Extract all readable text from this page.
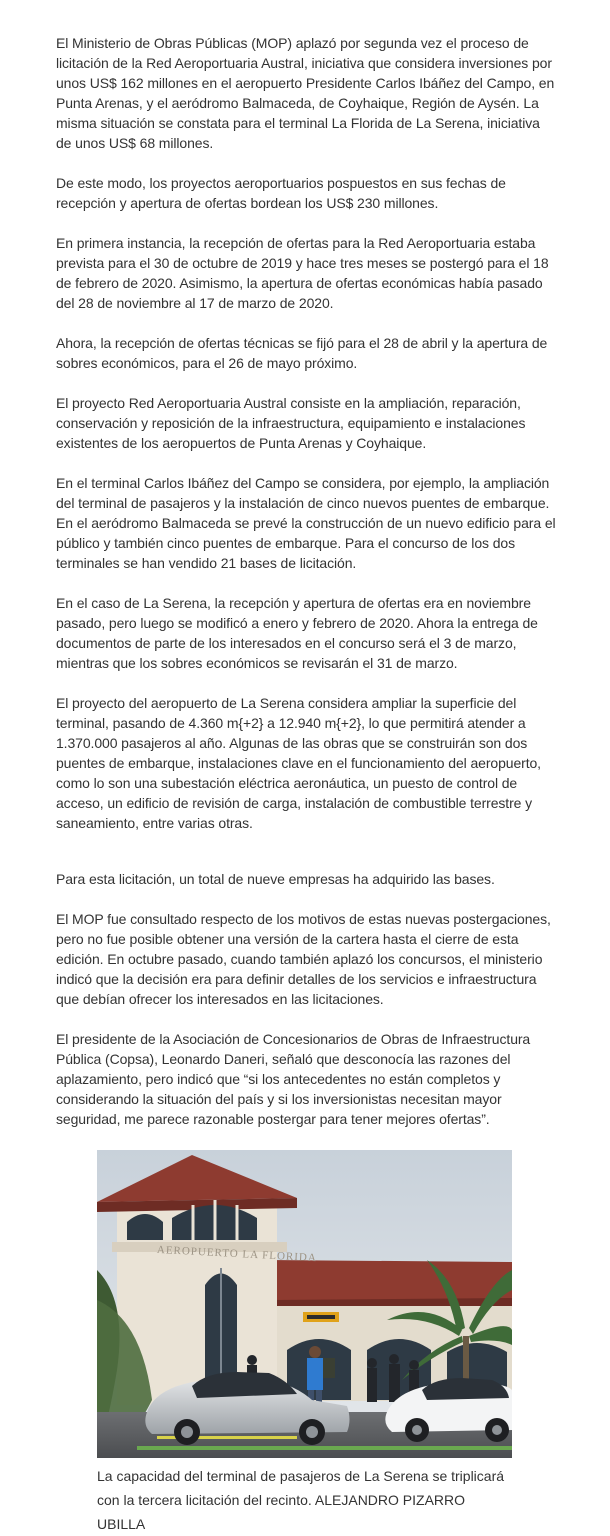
El Ministerio de Obras Públicas (MOP) aplazó por segunda vez el proceso de licitación de la Red Aeroportuaria Austral, iniciativa que considera inversiones por unos US$ 162 millones en el aeropuerto Presidente Carlos Ibáñez del Campo, en Punta Arenas, y el aeródromo Balmaceda, de Coyhaique, Región de Aysén. La misma situación se constata para el terminal La Florida de La Serena, iniciativa de unos US$ 68 millones.

De este modo, los proyectos aeroportuarios pospuestos en sus fechas de recepción y apertura de ofertas bordean los US$ 230 millones.

En primera instancia, la recepción de ofertas para la Red Aeroportuaria estaba prevista para el 30 de octubre de 2019 y hace tres meses se postergó para el 18 de febrero de 2020. Asimismo, la apertura de ofertas económicas había pasado del 28 de noviembre al 17 de marzo de 2020.

Ahora, la recepción de ofertas técnicas se fijó para el 28 de abril y la apertura de sobres económicos, para el 26 de mayo próximo.

El proyecto Red Aeroportuaria Austral consiste en la ampliación, reparación, conservación y reposición de la infraestructura, equipamiento e instalaciones existentes de los aeropuertos de Punta Arenas y Coyhaique.

En el terminal Carlos Ibáñez del Campo se considera, por ejemplo, la ampliación del terminal de pasajeros y la instalación de cinco nuevos puentes de embarque. En el aeródromo Balmaceda se prevé la construcción de un nuevo edificio para el público y también cinco puentes de embarque. Para el concurso de los dos terminales se han vendido 21 bases de licitación.

En el caso de La Serena, la recepción y apertura de ofertas era en noviembre pasado, pero luego se modificó a enero y febrero de 2020. Ahora la entrega de documentos de parte de los interesados en el concurso será el 3 de marzo, mientras que los sobres económicos se revisarán el 31 de marzo.

El proyecto del aeropuerto de La Serena considera ampliar la superficie del terminal, pasando de 4.360 m{+2} a 12.940 m{+2}, lo que permitirá atender a 1.370.000 pasajeros al año. Algunas de las obras que se construirán son dos puentes de embarque, instalaciones clave en el funcionamiento del aeropuerto, como lo son una subestación eléctrica aeronáutica, un puesto de control de acceso, un edificio de revisión de carga, instalación de combustible terrestre y saneamiento, entre varias otras.

Para esta licitación, un total de nueve empresas ha adquirido las bases.

El MOP fue consultado respecto de los motivos de estas nuevas postergaciones, pero no fue posible obtener una versión de la cartera hasta el cierre de esta edición. En octubre pasado, cuando también aplazó los concursos, el ministerio indicó que la decisión era para definir detalles de los servicios e infraestructura que debían ofrecer los interesados en las licitaciones.

El presidente de la Asociación de Concesionarios de Obras de Infraestructura Pública (Copsa), Leonardo Daneri, señaló que desconocía las razones del aplazamiento, pero indicó que “si los antecedentes no están completos y considerando la situación del país y si los inversionistas necesitan mayor seguridad, me parece razonable postergar para tener mejores ofertas”.

AEROPUERTO LA FLORIDA
La capacidad del terminal de pasajeros de La Serena se triplicará con la tercera licitación del recinto. ALEJANDRO PIZARRO UBILLA
